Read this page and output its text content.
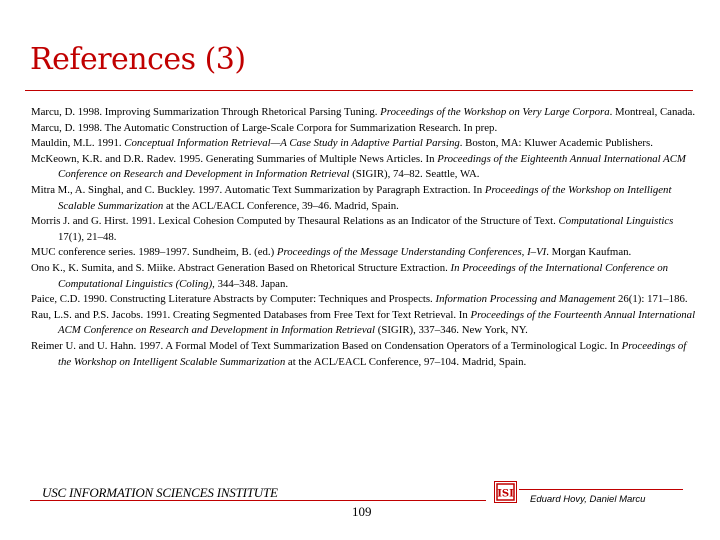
References (3)
Marcu, D. 1998. Improving Summarization Through Rhetorical Parsing Tuning. Proceedings of the Workshop on Very Large Corpora. Montreal, Canada.
Marcu, D. 1998. The Automatic Construction of Large-Scale Corpora for Summarization Research. In prep.
Mauldin, M.L. 1991. Conceptual Information Retrieval—A Case Study in Adaptive Partial Parsing. Boston, MA: Kluwer Academic Publishers.
McKeown, K.R. and D.R. Radev. 1995. Generating Summaries of Multiple News Articles. In Proceedings of the Eighteenth Annual International ACM Conference on Research and Development in Information Retrieval (SIGIR), 74–82. Seattle, WA.
Mitra M., A. Singhal, and C. Buckley. 1997. Automatic Text Summarization by Paragraph Extraction. In Proceedings of the Workshop on Intelligent Scalable Summarization at the ACL/EACL Conference, 39–46. Madrid, Spain.
Morris J. and G. Hirst. 1991. Lexical Cohesion Computed by Thesaural Relations as an Indicator of the Structure of Text. Computational Linguistics 17(1), 21–48.
MUC conference series. 1989–1997. Sundheim, B. (ed.) Proceedings of the Message Understanding Conferences, I–VI. Morgan Kaufman.
Ono K., K. Sumita, and S. Miike. Abstract Generation Based on Rhetorical Structure Extraction. In Proceedings of the International Conference on Computational Linguistics (Coling), 344–348. Japan.
Paice, C.D. 1990. Constructing Literature Abstracts by Computer: Techniques and Prospects. Information Processing and Management 26(1): 171–186.
Rau, L.S. and P.S. Jacobs. 1991. Creating Segmented Databases from Free Text for Text Retrieval. In Proceedings of the Fourteenth Annual International ACM Conference on Research and Development in Information Retrieval (SIGIR), 337–346. New York, NY.
Reimer U. and U. Hahn. 1997. A Formal Model of Text Summarization Based on Condensation Operators of a Terminological Logic. In Proceedings of the Workshop on Intelligent Scalable Summarization at the ACL/EACL Conference, 97–104. Madrid, Spain.
USC INFORMATION SCIENCES INSTITUTE
109
ISI Eduard Hovy, Daniel Marcu
